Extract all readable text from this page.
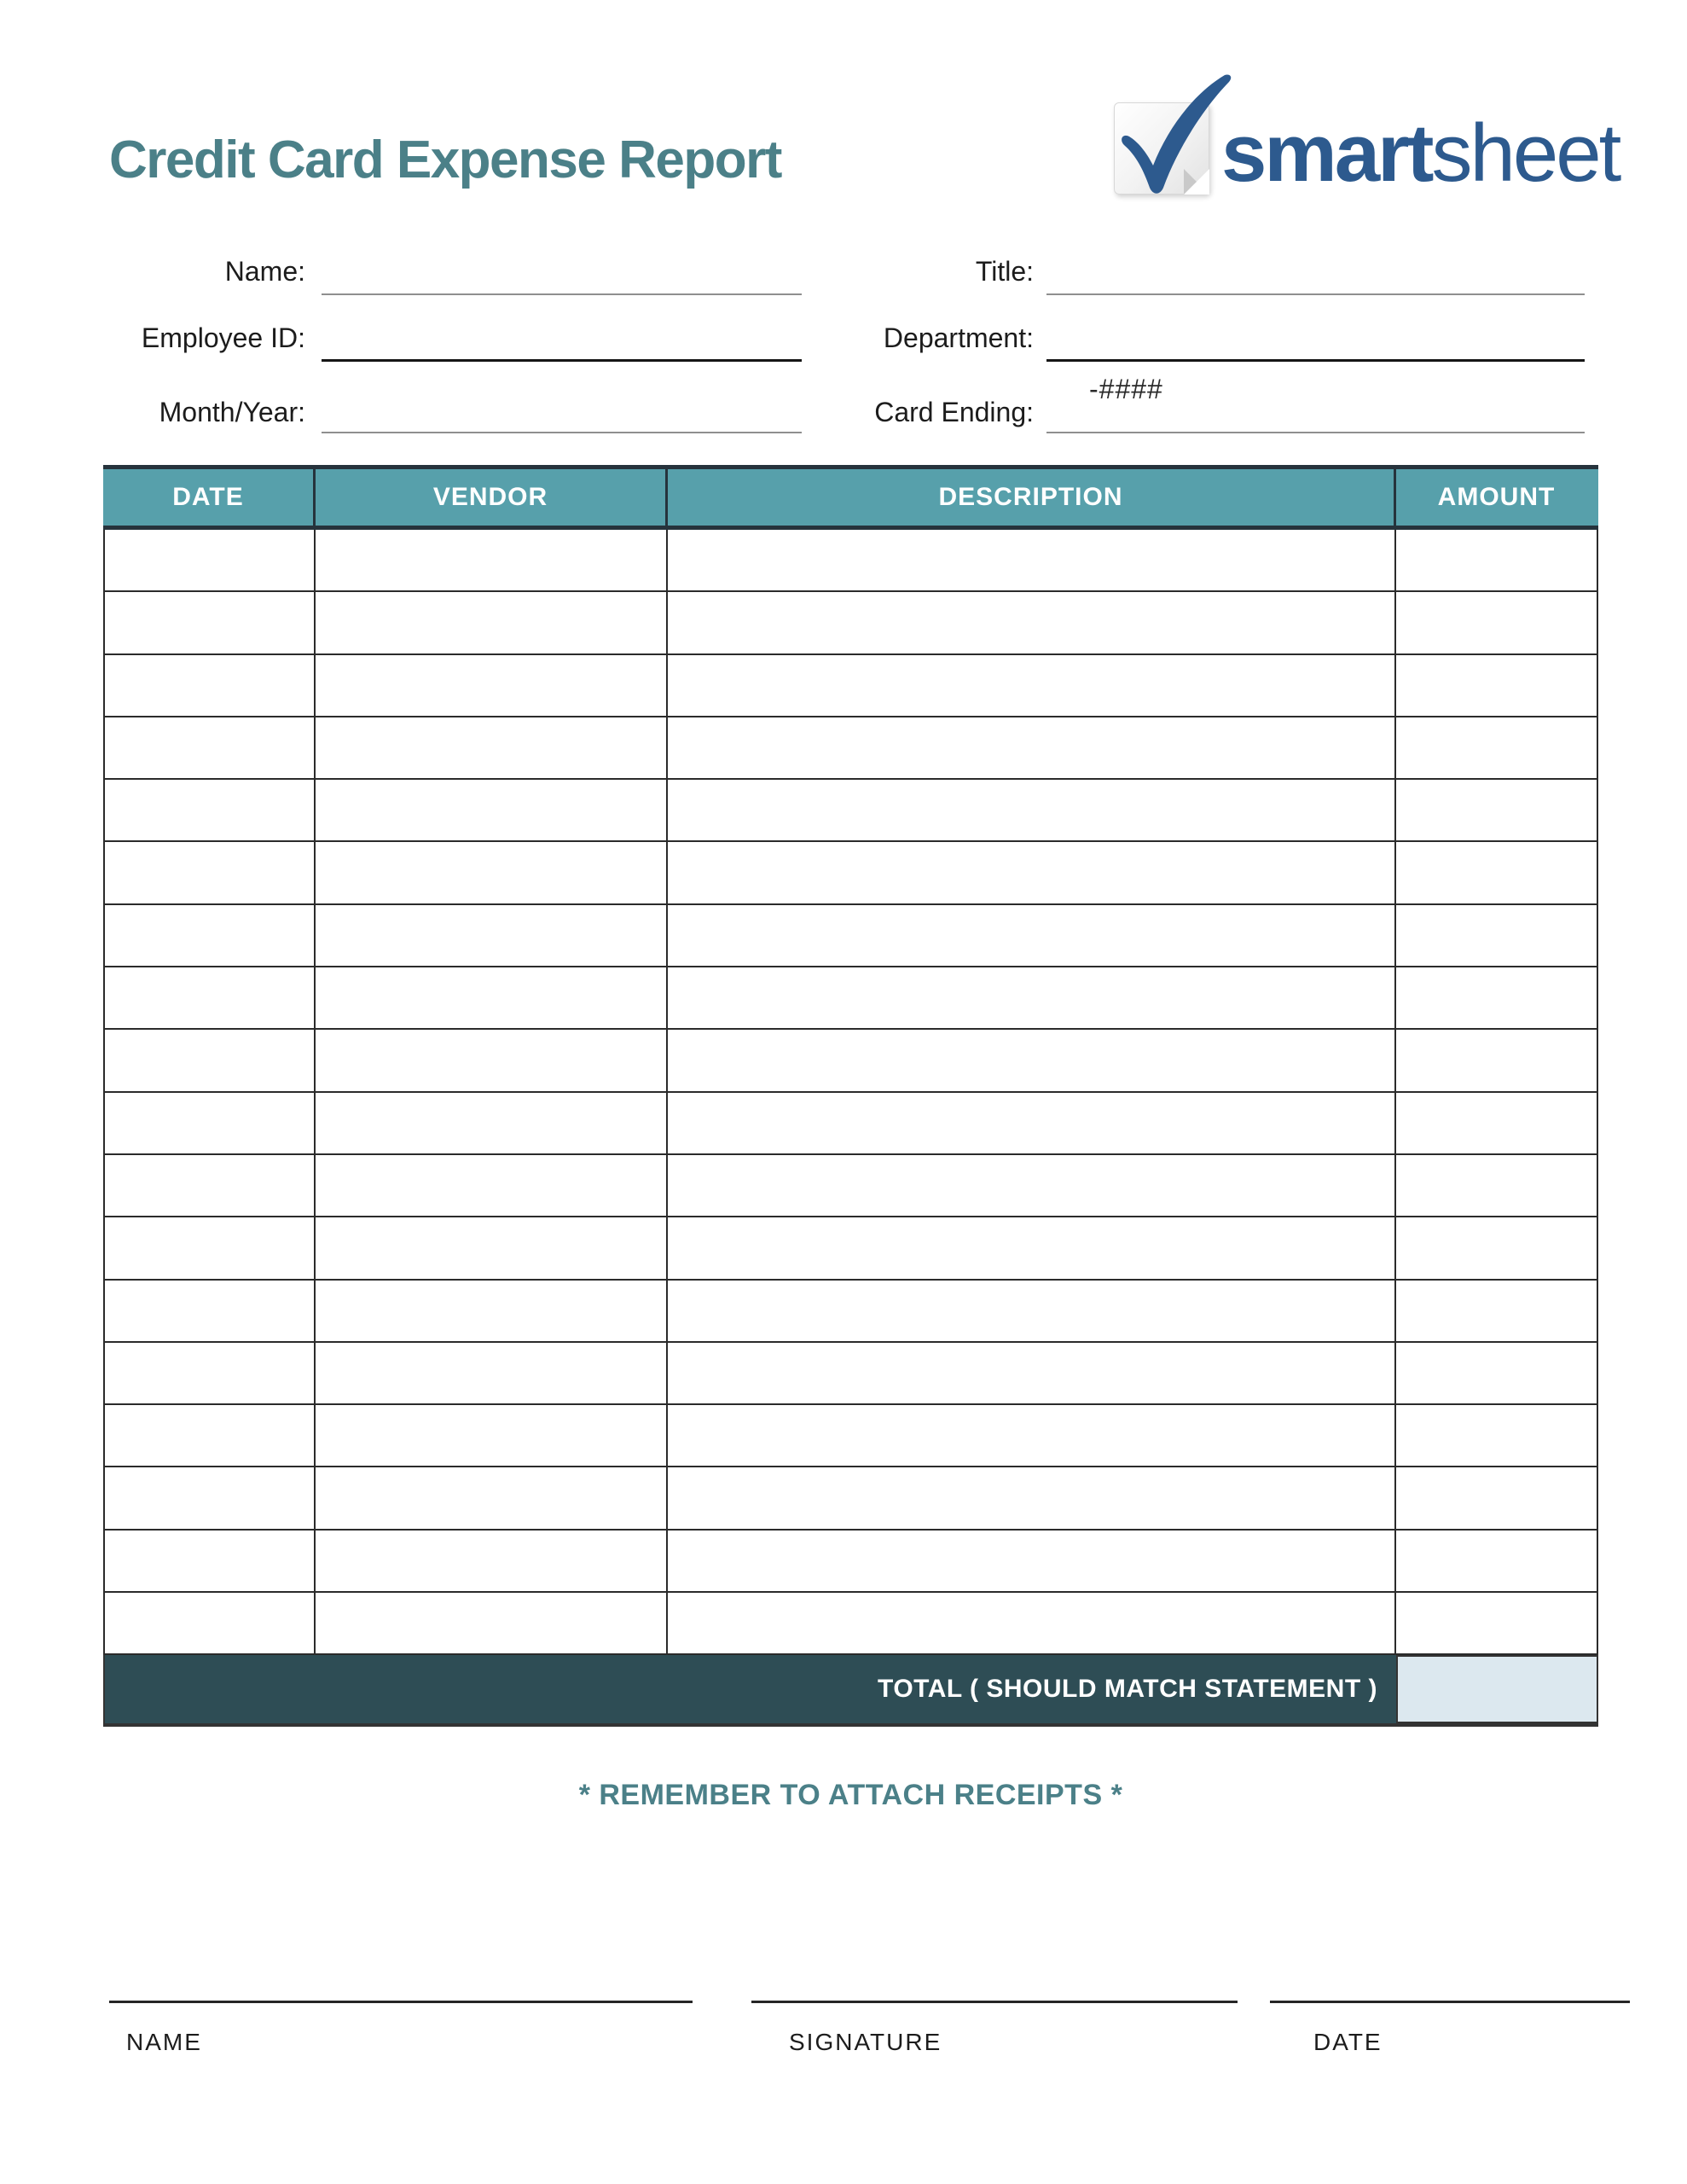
Credit Card Expense Report	smartsheet
Name:
Employee ID:
Month/Year:
Title:
Department:
Card Ending:
-####
DATE	VENDOR	DESCRIPTION	AMOUNT
TOTAL ( SHOULD MATCH STATEMENT )
* REMEMBER TO ATTACH RECEIPTS *
NAME	SIGNATURE	DATE
